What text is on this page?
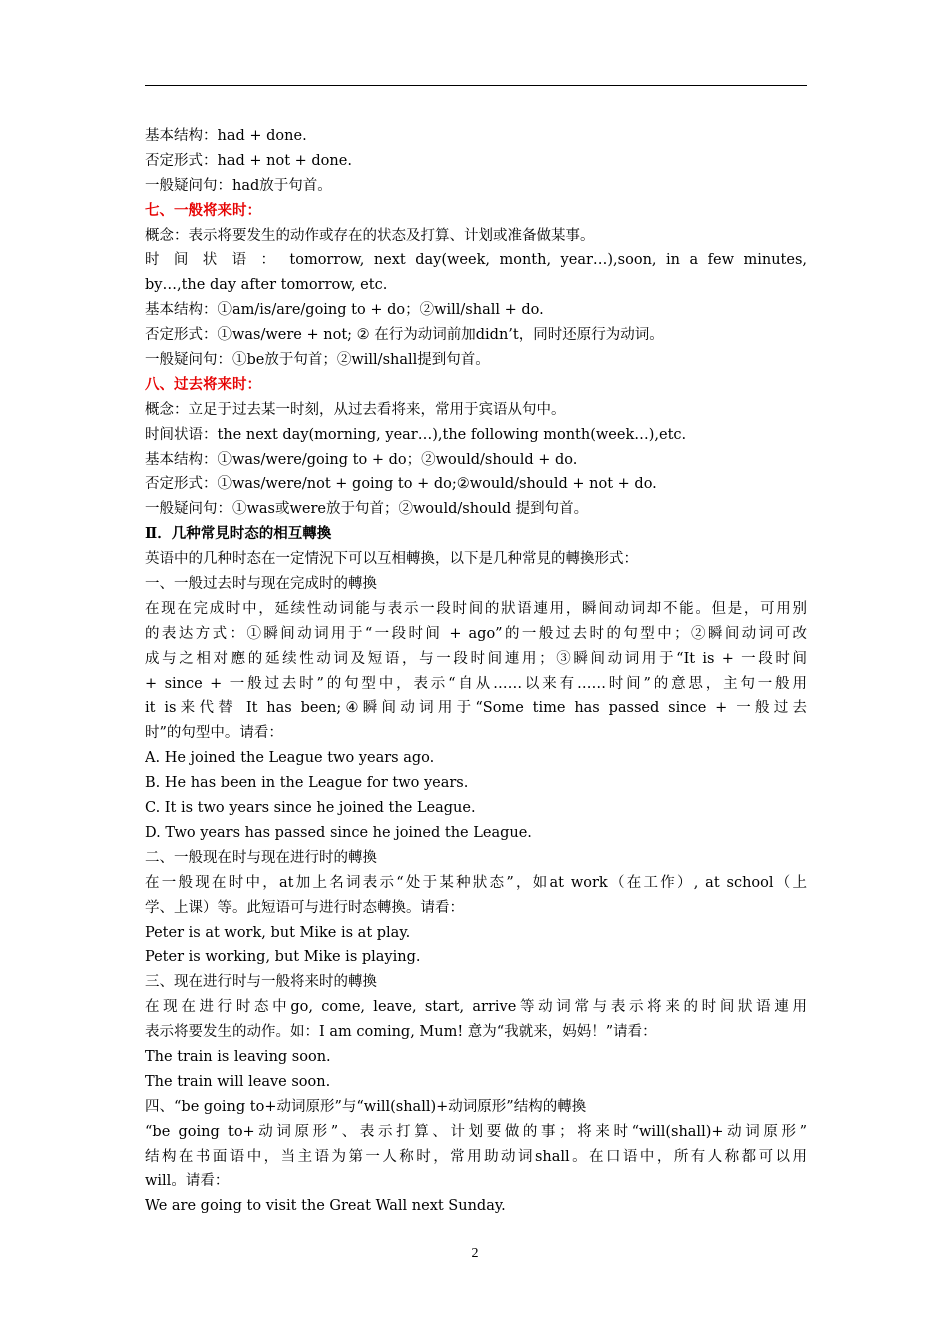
基本结构：had + done.
否定形式：had + not + done.
一般疑问句：had放于句首。
七、一般将来时：
概念：表示将要发生的动作或存在的状态及打算、计划或准备做某事。
时 间 状 语 ： tomorrow, next day(week, month, year…),soon, in a few minutes,
by…,the day after tomorrow, etc.
基本结构：①am/is/are/going to + do；②will/shall + do.
否定形式：①was/were + not; ② 在行为动词前加didn’t，同时还原行为动词。
一般疑问句：①be放于句首；②will/shall提到句首。
八、过去将来时：
概念：立足于过去某一时刻，从过去看将来，常用于宾语从句中。
时间状语：the next day(morning, year…),the following month(week…),etc.
基本结构：①was/were/going to + do；②would/should + do.
否定形式：①was/were/not + going to + do;②would/should + not + do.
一般疑问句：①was或were放于句首；②would/should 提到句首。
Ⅱ．几种常見时态的相互轉換
英语中的几种时态在一定情況下可以互相轉換，以下是几种常見的轉換形式：
一、一般过去时与现在完成时的轉換
在现在完成时中，延续性动词能与表示一段时间的狀语連用，瞬间动词却不能。但是，可用别
的表达方式：①瞬间动词用于“一段时间 + ago”的一般过去时的句型中；②瞬间动词可改
成与之相对應的延续性动词及短语，与一段时间連用；③瞬间动词用于“It is + 一段时间
+ since + 一般过去时”的句型中，表示“自从……以来有……时间”的意思，主句一般用
it is来代替 It has been;④瞬间动词用于“Some time has passed since + 一般过去
时”的句型中。请看：
A. He joined the League two years ago.
B. He has been in the League for two years.
C. It is two years since he joined the League.
D. Two years has passed since he joined the League.
二、一般现在时与现在进行时的轉換
在一般现在时中，at加上名词表示“处于某种狀态”，如at work（在工作）, at school（上
学、上课）等。此短语可与进行时态轉換。请看：
Peter is at work, but Mike is at play.
Peter is working, but Mike is playing.
三、现在进行时与一般将来时的轉換
在现在进行时态中go, come, leave, start, arrive等动词常与表示将来的时间狀语連用
表示将要发生的动作。如：I am coming, Mum! 意为“我就来，妈妈！”请看：
The train is leaving soon.
The train will leave soon.
四、“be going to+动词原形”与“will(shall)+动词原形”结构的轉換
“be going to+动词原形”、表示打算、计划要做的事；将来时“will(shall)+动词原形”
结构在书面语中，当主语为第一人称时，常用助动词shall。在口语中，所有人称都可以用
will。请看：
We are going to visit the Great Wall next Sunday.
2
